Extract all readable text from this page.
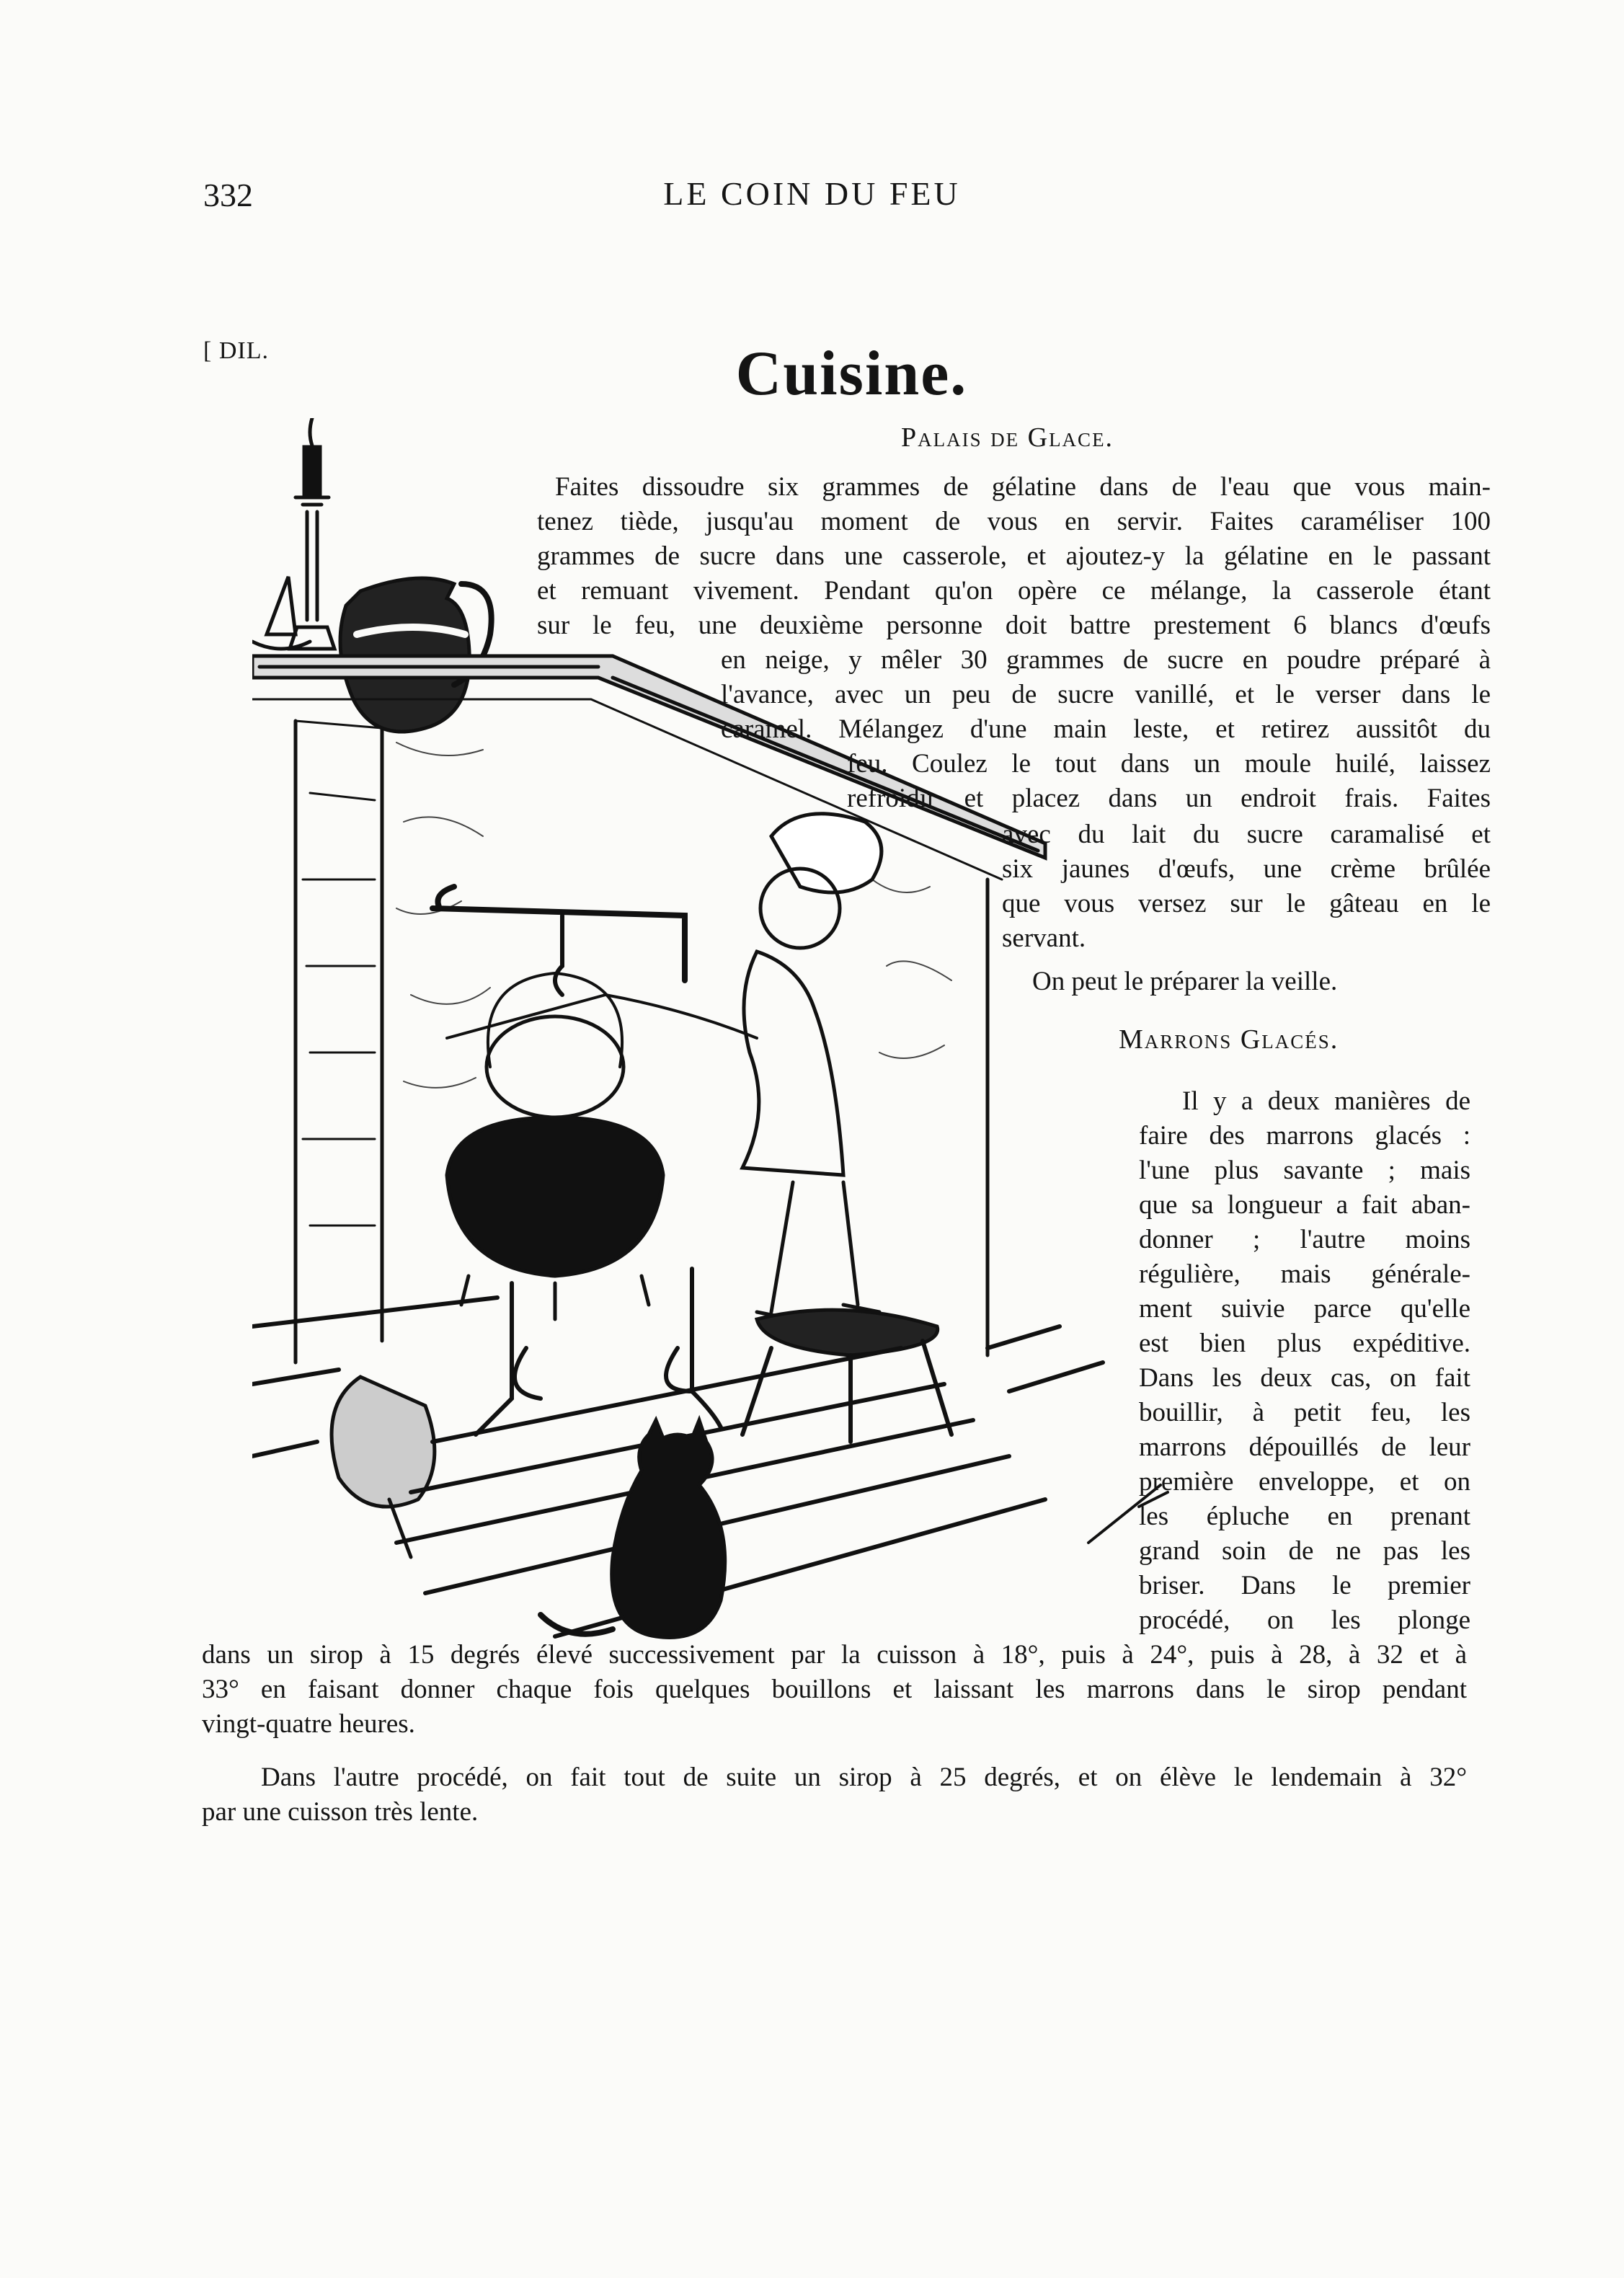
332	LE COIN DU FEU
[ DIL.	Cuisine.
Palais de Glace.
Faites dissoudre six grammes de gélatine dans de l'eau que vous main-
tenez tiède, jusqu'au moment de vous en servir. Faites caraméliser 100
grammes de sucre dans une casserole, et ajoutez-y la gélatine en le passant
et remuant vivement. Pendant qu'on opère ce mélange, la casserole étant
sur le feu, une deuxième personne doit battre prestement 6 blancs d'œufs
en neige, y mêler 30 grammes de sucre en poudre préparé à
l'avance, avec un peu de sucre vanillé, et le verser dans le
caramel. Mélangez d'une main leste, et retirez aussitôt du
feu. Coulez le tout dans un moule huilé, laissez
refroidir et placez dans un endroit frais. Faites
avec du lait du sucre caramalisé et
six jaunes d'œufs, une crème brûlée
que vous versez sur le gâteau en le
servant.
On peut le préparer la veille.
Marrons Glacés.
Il y a deux manières de
faire des marrons glacés :
l'une plus savante ; mais
que sa longueur a fait aban-
donner ; l'autre moins
régulière, mais générale-
ment suivie parce qu'elle
est bien plus expéditive.
Dans les deux cas, on fait
bouillir, à petit feu, les
marrons dépouillés de leur
première enveloppe, et on
les épluche en prenant
grand soin de ne pas les
briser. Dans le premier
procédé, on les plonge
dans un sirop à 15 degrés élevé successivement par la cuisson à 18°, puis à 24°, puis à 28, à 32 et à
33° en faisant donner chaque fois quelques bouillons et laissant les marrons dans le sirop pendant
vingt-quatre heures.
Dans l'autre procédé, on fait tout de suite un sirop à 25 degrés, et on élève le lendemain à 32°
par une cuisson très lente.
